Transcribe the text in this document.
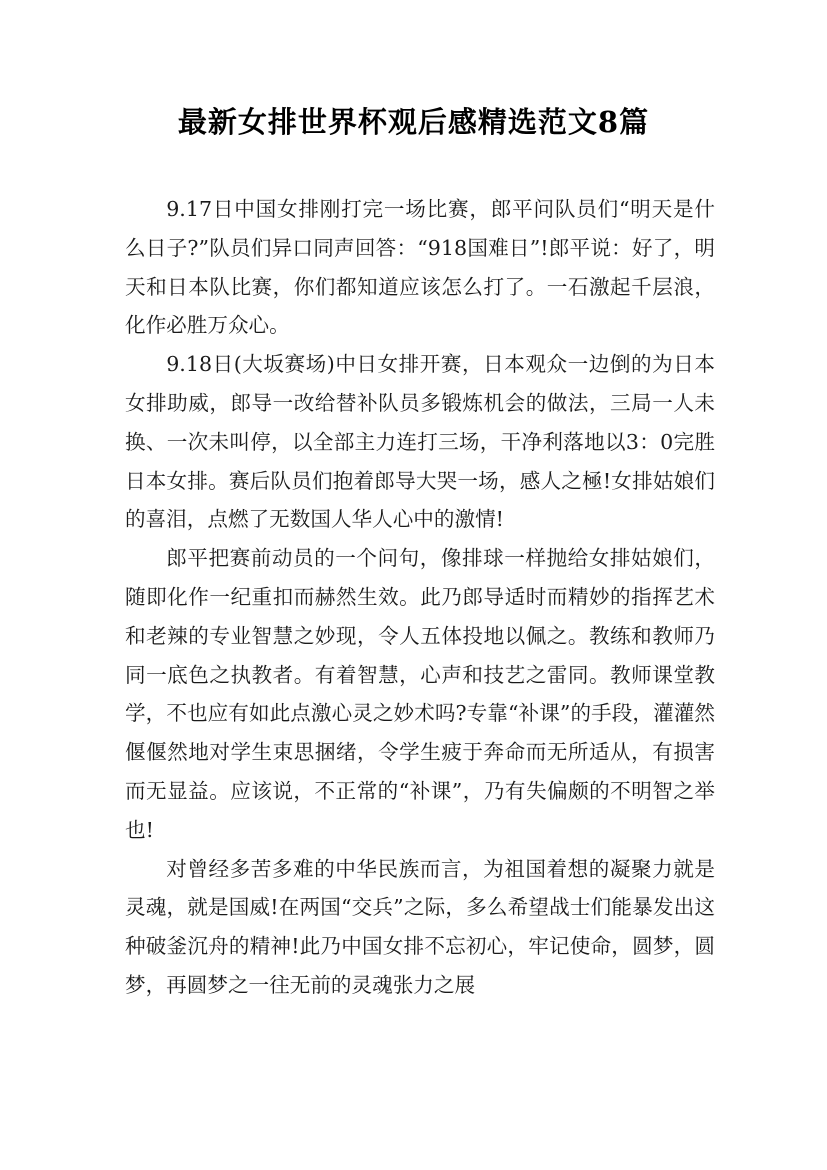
最新女排世界杯观后感精选范文8篇

9.17日中国女排刚打完一场比赛，郎平问队员们“明天是什么日子?”队员们异口同声回答：“918国难日”!郎平说：好了，明天和日本队比赛，你们都知道应该怎么打了。一石激起千层浪，化作必胜万众心。

9.18日(大坂赛场)中日女排开赛，日本观众一边倒的为日本女排助威，郎导一改给替补队员多锻炼机会的做法，三局一人未换、一次未叫停，以全部主力连打三场，干净利落地以3：0完胜日本女排。赛后队员们抱着郎导大哭一场，感人之極!女排姑娘们的喜泪，点燃了无数国人华人心中的激情!

郎平把赛前动员的一个问句，像排球一样抛给女排姑娘们，随即化作一纪重扣而赫然生效。此乃郎导适时而精妙的指挥艺术和老辣的专业智慧之妙现，令人五体投地以佩之。教练和教师乃同一底色之执教者。有着智慧，心声和技艺之雷同。教师课堂教学，不也应有如此点激心灵之妙术吗?专靠“补课”的手段，灌灌然偃偃然地对学生束思捆绪，令学生疲于奔命而无所适从，有损害而无显益。应该说，不正常的“补课”，乃有失偏颇的不明智之举也!

对曾经多苦多难的中华民族而言，为祖国着想的凝聚力就是灵魂，就是国威!在两国“交兵”之际，多么希望战士们能暴发出这种破釜沉舟的精神!此乃中国女排不忘初心，牢记使命，圆梦，圆梦，再圆梦之一往无前的灵魂张力之展
